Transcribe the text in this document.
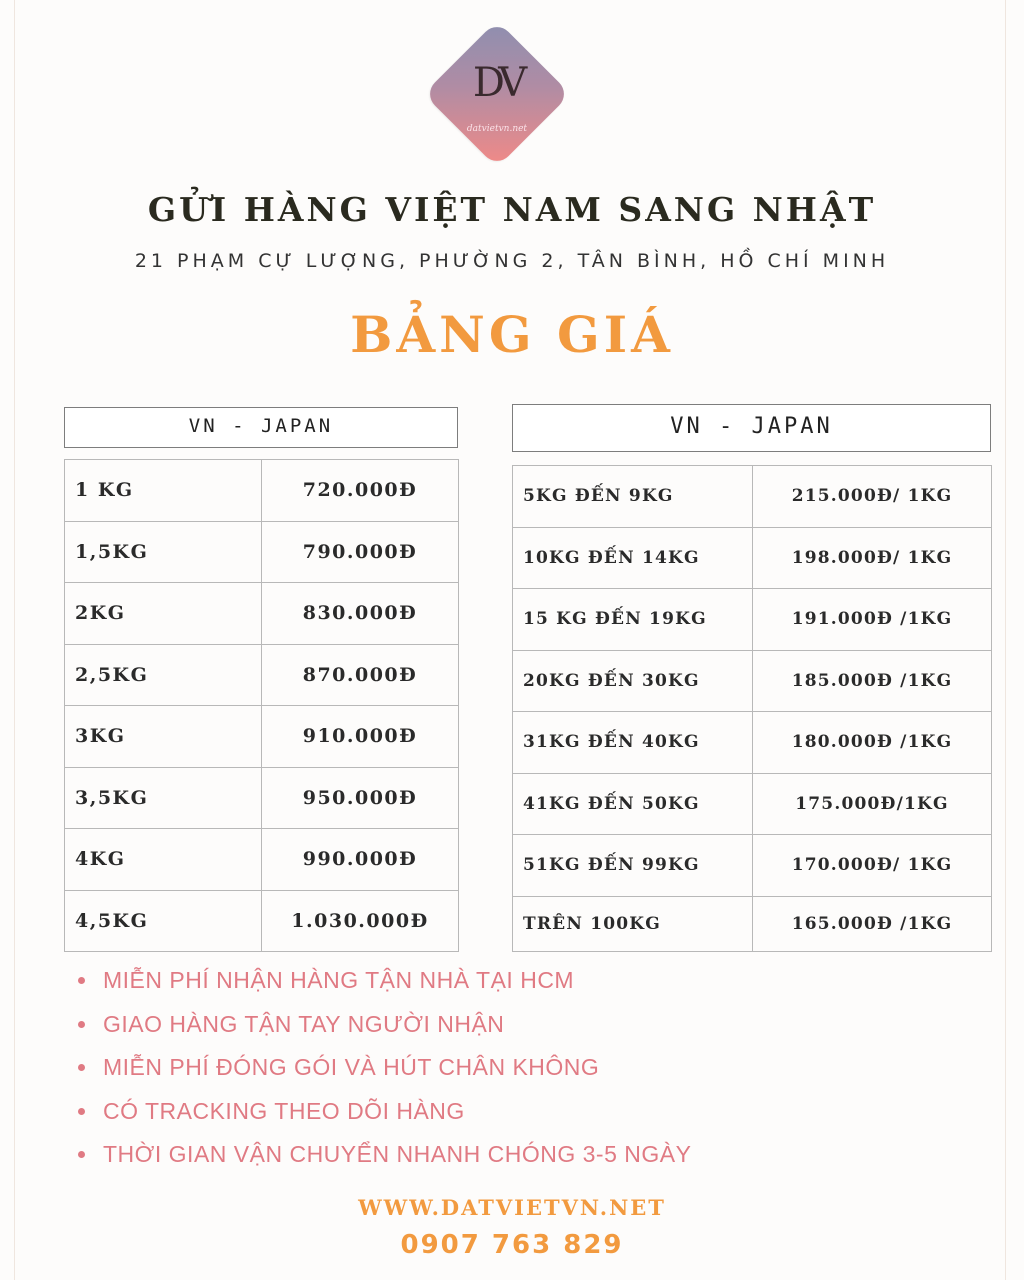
DV
datvietvn.net
GỬI HÀNG VIỆT NAM SANG NHẬT
21 PHẠM CỰ LƯỢNG, PHƯỜNG 2, TÂN BÌNH, HỒ CHÍ MINH
BẢNG GIÁ
VN - JAPAN
1 KG	720.000Đ
1,5KG	790.000Đ
2KG	830.000Đ
2,5KG	870.000Đ
3KG	910.000Đ
3,5KG	950.000Đ
4KG	990.000Đ
4,5KG	1.030.000Đ
VN - JAPAN
5KG ĐẾN 9KG	215.000Đ/ 1KG
10KG ĐẾN 14KG	198.000Đ/ 1KG
15 KG ĐẾN 19KG	191.000Đ /1KG
20KG ĐẾN 30KG	185.000Đ /1KG
31KG ĐẾN 40KG	180.000Đ /1KG
41KG ĐẾN 50KG	175.000Đ/1KG
51KG ĐẾN 99KG	170.000Đ/ 1KG
TRÊN 100KG	165.000Đ /1KG
MIỄN PHÍ NHẬN HÀNG TẬN NHÀ TẠI HCM
GIAO HÀNG TẬN TAY NGƯỜI NHẬN
MIỄN PHÍ ĐÓNG GÓI VÀ HÚT CHÂN KHÔNG
CÓ TRACKING THEO DÕI HÀNG
THỜI GIAN VẬN CHUYỂN NHANH CHÓNG 3-5 NGÀY
WWW.DATVIETVN.NET
0907 763 829
